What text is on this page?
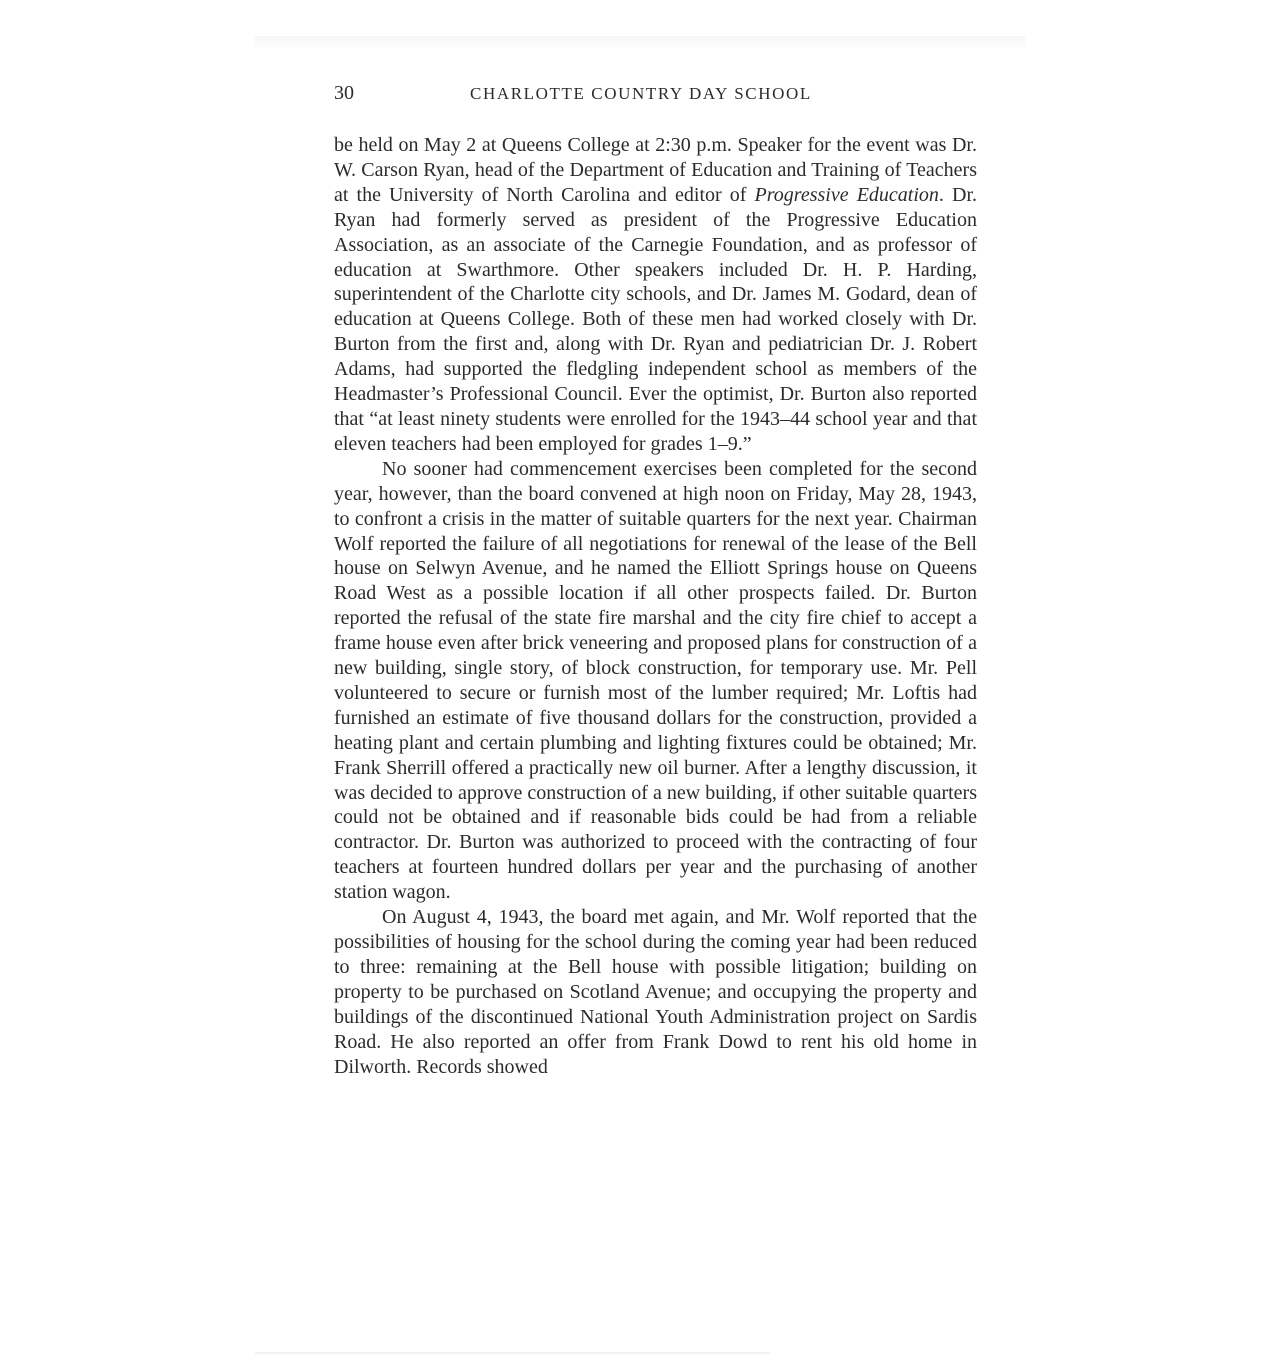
30	CHARLOTTE COUNTRY DAY SCHOOL

be held on May 2 at Queens College at 2:30 p.m. Speaker for the event was Dr. W. Carson Ryan, head of the Department of Education and Training of Teachers at the University of North Carolina and editor of Progressive Education. Dr. Ryan had formerly served as president of the Progressive Education Association, as an associate of the Carnegie Foundation, and as professor of education at Swarthmore. Other speakers included Dr. H. P. Harding, superintendent of the Charlotte city schools, and Dr. James M. Godard, dean of education at Queens College. Both of these men had worked closely with Dr. Burton from the first and, along with Dr. Ryan and pediatrician Dr. J. Robert Adams, had supported the fledgling independent school as members of the Headmaster’s Professional Council. Ever the optimist, Dr. Burton also reported that “at least ninety students were enrolled for the 1943–44 school year and that eleven teachers had been employed for grades 1–9.”

No sooner had commencement exercises been completed for the second year, however, than the board convened at high noon on Friday, May 28, 1943, to confront a crisis in the matter of suitable quarters for the next year. Chairman Wolf reported the failure of all negotiations for renewal of the lease of the Bell house on Selwyn Avenue, and he named the Elliott Springs house on Queens Road West as a possible location if all other prospects failed. Dr. Burton reported the refusal of the state fire marshal and the city fire chief to accept a frame house even after brick veneering and proposed plans for construction of a new building, single story, of block construction, for temporary use. Mr. Pell volunteered to secure or furnish most of the lumber required; Mr. Loftis had furnished an estimate of five thousand dollars for the construction, provided a heating plant and certain plumbing and lighting fixtures could be obtained; Mr. Frank Sherrill offered a practically new oil burner. After a lengthy discussion, it was decided to approve construction of a new building, if other suitable quarters could not be obtained and if reasonable bids could be had from a reliable contractor. Dr. Burton was authorized to proceed with the contracting of four teachers at fourteen hundred dollars per year and the purchasing of another station wagon.

On August 4, 1943, the board met again, and Mr. Wolf reported that the possibilities of housing for the school during the coming year had been reduced to three: remaining at the Bell house with possible litigation; building on property to be purchased on Scotland Avenue; and occupying the property and buildings of the discontinued National Youth Administration project on Sardis Road. He also reported an offer from Frank Dowd to rent his old home in Dilworth. Records showed
